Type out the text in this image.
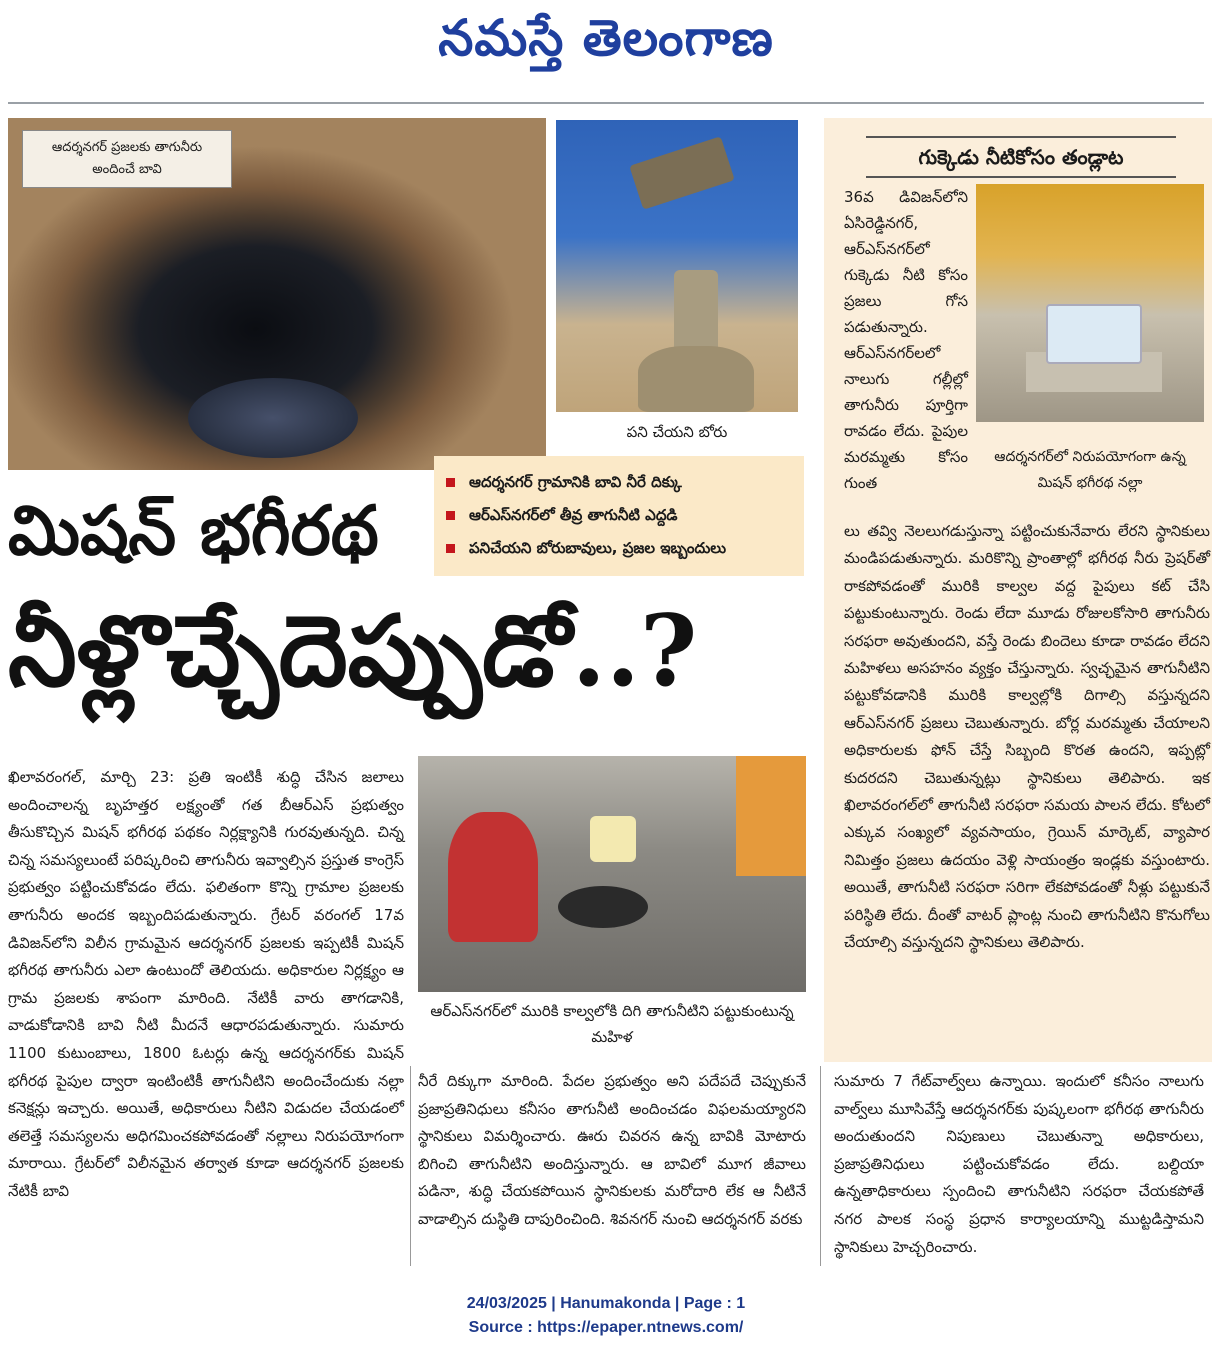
నమస్తే తెలంగాణ
ఆదర్శనగర్ ప్రజలకు తాగునీరు అందించే బావి
పని చేయని బోరు
ఆదర్శనగర్ గ్రామానికి బావి నీరే దిక్కు
ఆర్ఎస్‌నగర్‌లో తీవ్ర తాగునీటి ఎద్దడి
పనిచేయని బోరుబావులు, ప్రజల ఇబ్బందులు
మిషన్ భగీరథ
నీళ్లొచ్చేదెప్పుడో..?
గుక్కెడు నీటికోసం తండ్లాట
36వ డివిజన్‌లోని ఏసిరెడ్డినగర్, ఆర్ఎస్‌నగర్‌లో గుక్కెడు నీటి కోసం ప్రజలు గోస పడుతున్నారు. ఆర్ఎస్‌నగర్‌లలో నాలుగు గల్లీల్లో తాగునీరు పూర్తిగా రావడం లేదు. పైపుల మరమ్మతు కోసం గుంత
ఆదర్శనగర్‌లో నిరుపయోగంగా ఉన్న మిషన్ భగీరథ నల్లా
లు తవ్వి నెలలుగడుస్తున్నా పట్టించుకునేవారు లేరని స్థానికులు మండిపడుతున్నారు. మరికొన్ని ప్రాంతాల్లో భగీరథ నీరు ప్రెషర్‌తో రాకపోవడంతో మురికి కాల్వల వద్ద పైపులు కట్ చేసి పట్టుకుంటున్నారు. రెండు లేదా మూడు రోజులకోసారి తాగునీరు సరఫరా అవుతుందని, వస్తే రెండు బిందెలు కూడా రావడం లేదని మహిళలు అసహనం వ్యక్తం చేస్తున్నారు. స్వచ్ఛమైన తాగునీటిని పట్టుకోవడానికి మురికి కాల్వల్లోకి దిగాల్సి వస్తున్నదని ఆర్ఎస్‌నగర్ ప్రజలు చెబుతున్నారు. బోర్ల మరమ్మతు చేయాలని అధికారులకు ఫోన్ చేస్తే సిబ్బంది కొరత ఉందని, ఇప్పట్లో కుదరదని చెబుతున్నట్లు స్థానికులు తెలిపారు. ఇక ఖిలావరంగల్‌లో తాగునీటి సరఫరా సమయ పాలన లేదు. కోటలో ఎక్కువ సంఖ్యలో వ్యవసాయం, గ్రెయిన్ మార్కెట్, వ్యాపార నిమిత్తం ప్రజలు ఉదయం వెళ్లి సాయంత్రం ఇండ్లకు వస్తుంటారు. అయితే, తాగునీటి సరఫరా సరిగా లేకపోవడంతో నీళ్లు పట్టుకునే పరిస్థితి లేదు. దీంతో వాటర్ ప్లాంట్ల నుంచి తాగునీటిని కొనుగోలు చేయాల్సి వస్తున్నదని స్థానికులు తెలిపారు.
ఆర్ఎస్‌నగర్‌లో మురికి కాల్వలోకి దిగి తాగునీటిని పట్టుకుంటున్న మహిళ
ఖిలావరంగల్, మార్చి 23: ప్రతి ఇంటికీ శుద్ధి చేసిన జలాలు అందించాలన్న బృహత్తర లక్ష్యంతో గత బీఆర్ఎస్ ప్రభుత్వం తీసుకొచ్చిన మిషన్ భగీరథ పథకం నిర్లక్ష్యానికి గురవుతున్నది. చిన్న చిన్న సమస్యలుంటే పరిష్కరించి తాగునీరు ఇవ్వాల్సిన ప్రస్తుత కాంగ్రెస్ ప్రభుత్వం పట్టించుకోవడం లేదు. ఫలితంగా కొన్ని గ్రామాల ప్రజలకు తాగునీరు అందక ఇబ్బందిపడుతున్నారు. గ్రేటర్ వరంగల్ 17వ డివిజన్‌లోని విలీన గ్రామమైన ఆదర్శనగర్ ప్రజలకు ఇప్పటికీ మిషన్ భగీరథ తాగునీరు ఎలా ఉంటుందో తెలియదు. అధికారుల నిర్లక్ష్యం ఆ గ్రామ ప్రజలకు శాపంగా మారింది. నేటికీ వారు తాగడానికి, వాడుకోడానికి బావి నీటి మీదనే ఆధారపడుతున్నారు. సుమారు 1100 కుటుంబాలు, 1800 ఓటర్లు ఉన్న ఆదర్శనగర్‌కు మిషన్ భగీరథ పైపుల ద్వారా ఇంటింటికీ తాగునీటిని అందించేందుకు నల్లా కనెక్షన్లు ఇచ్చారు. అయితే, అధికారులు నీటిని విడుదల చేయడంలో తలెత్తే సమస్యలను అధిగమించకపోవడంతో నల్లాలు నిరుపయోగంగా మారాయి. గ్రేటర్‌లో విలీనమైన తర్వాత కూడా ఆదర్శనగర్ ప్రజలకు నేటికీ బావి
నీరే దిక్కుగా మారింది. పేదల ప్రభుత్వం అని పదేపదే చెప్పుకునే ప్రజాప్రతినిధులు కనీసం తాగునీటి అందించడం విఫలమయ్యారని స్థానికులు విమర్శించారు. ఊరు చివరన ఉన్న బావికి మోటారు బిగించి తాగునీటిని అందిస్తున్నారు. ఆ బావిలో మూగ జీవాలు పడినా, శుద్ధి చేయకపోయిన స్థానికులకు మరోదారి లేక ఆ నీటినే వాడాల్సిన దుస్థితి దాపురించింది. శివనగర్ నుంచి ఆదర్శనగర్ వరకు
సుమారు 7 గేట్‌వాల్వ్‌లు ఉన్నాయి. ఇందులో కనీసం నాలుగు వాల్వ్‌లు మూసివేస్తే ఆదర్శనగర్‌కు పుష్కలంగా భగీరథ తాగునీరు అందుతుందని నిపుణులు చెబుతున్నా అధికారులు, ప్రజాప్రతినిధులు పట్టించుకోవడం లేదు. బల్దియా ఉన్నతాధికారులు స్పందించి తాగునీటిని సరఫరా చేయకపోతే నగర పాలక సంస్థ ప్రధాన కార్యాలయాన్ని ముట్టడిస్తామని స్థానికులు హెచ్చరించారు.
24/03/2025 | Hanumakonda | Page : 1
Source : https://epaper.ntnews.com/
